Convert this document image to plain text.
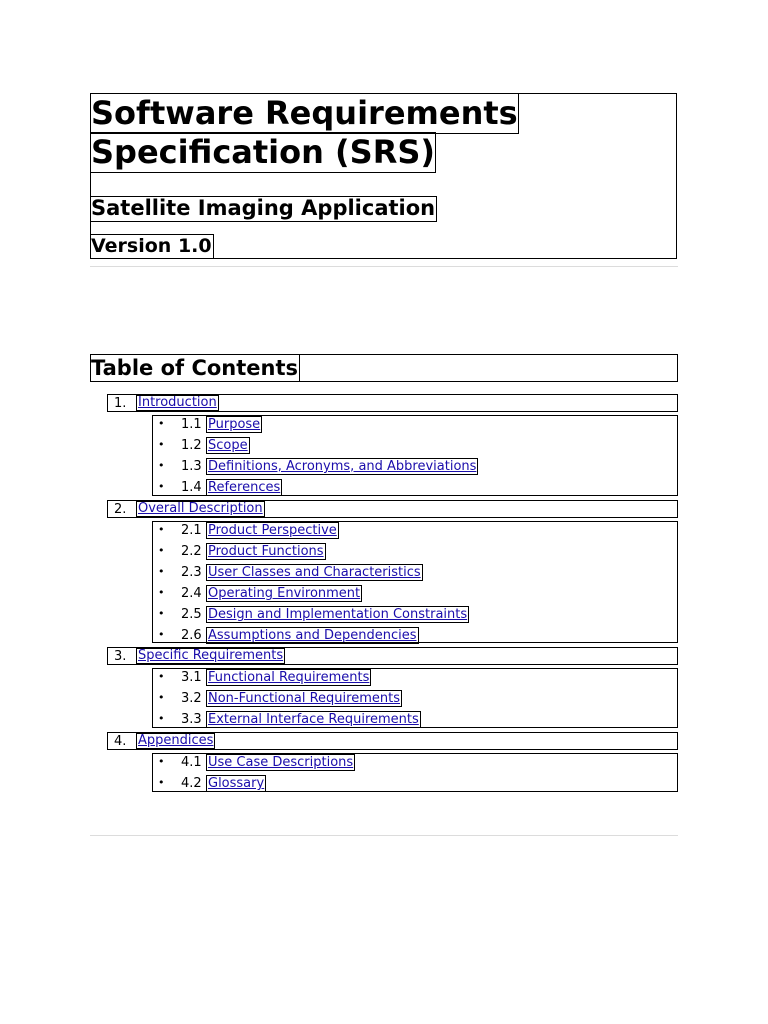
Software Requirements
Specification (SRS)
Satellite Imaging Application
Version 1.0
Table of Contents
1. Introduction
• 1.1 Purpose
• 1.2 Scope
• 1.3 Definitions, Acronyms, and Abbreviations
• 1.4 References
2. Overall Description
• 2.1 Product Perspective
• 2.2 Product Functions
• 2.3 User Classes and Characteristics
• 2.4 Operating Environment
• 2.5 Design and Implementation Constraints
• 2.6 Assumptions and Dependencies
3. Specific Requirements
• 3.1 Functional Requirements
• 3.2 Non-Functional Requirements
• 3.3 External Interface Requirements
4. Appendices
• 4.1 Use Case Descriptions
• 4.2 Glossary
